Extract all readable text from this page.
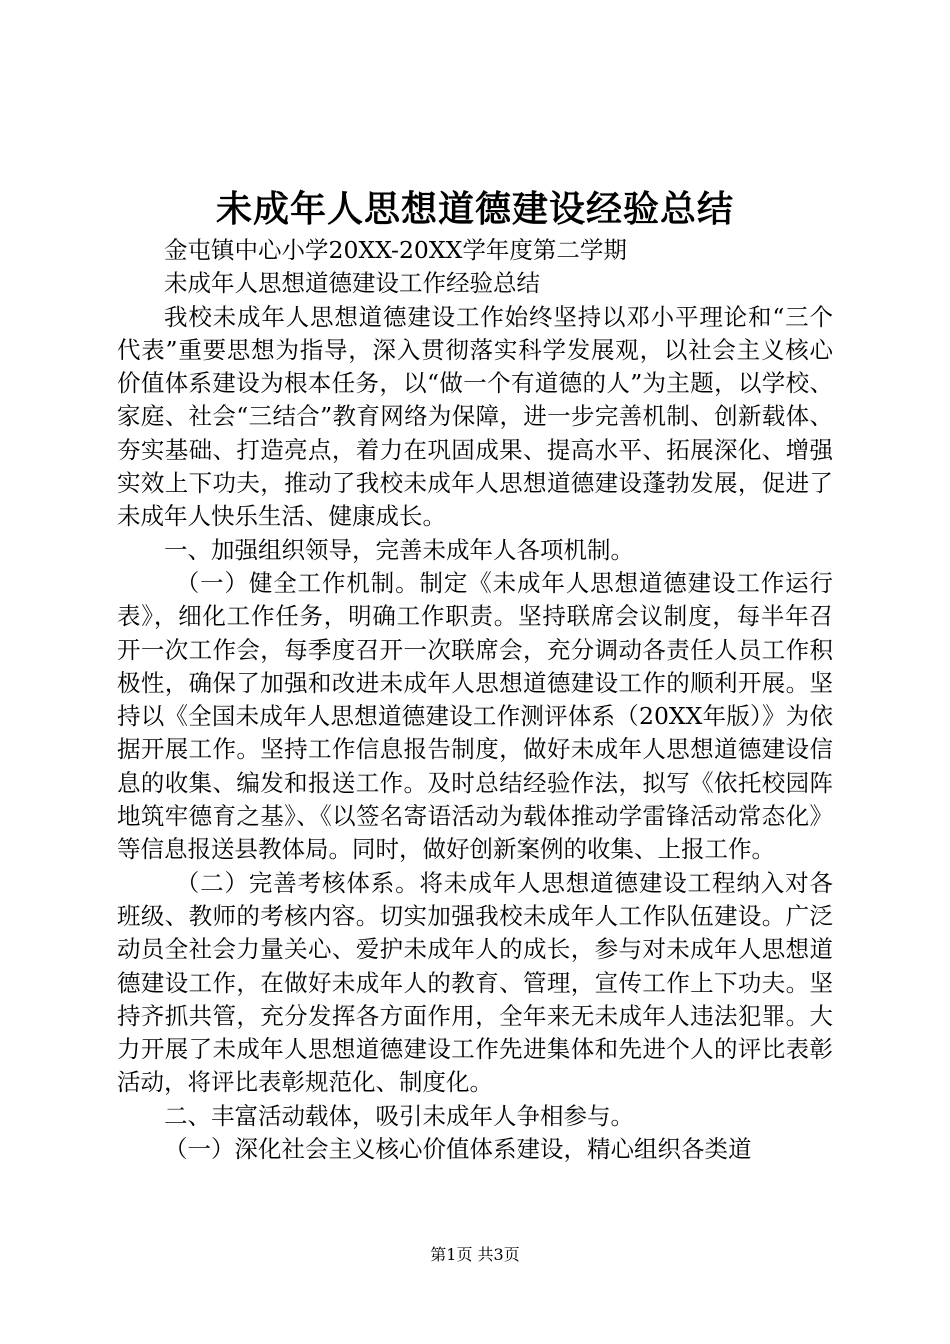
未成年人思想道德建设经验总结

金屯镇中心小学20XX-20XX学年度第二学期

未成年人思想道德建设工作经验总结

我校未成年人思想道德建设工作始终坚持以邓小平理论和“三个代表”重要思想为指导，深入贯彻落实科学发展观，以社会主义核心价值体系建设为根本任务，以“做一个有道德的人”为主题，以学校、家庭、社会“三结合”教育网络为保障，进一步完善机制、创新载体、夯实基础、打造亮点，着力在巩固成果、提高水平、拓展深化、增强实效上下功夫，推动了我校未成年人思想道德建设蓬勃发展，促进了未成年人快乐生活、健康成长。

一、加强组织领导，完善未成年人各项机制。

（一）健全工作机制。制定《未成年人思想道德建设工作运行表》，细化工作任务，明确工作职责。坚持联席会议制度，每半年召开一次工作会，每季度召开一次联席会，充分调动各责任人员工作积极性，确保了加强和改进未成年人思想道德建设工作的顺利开展。坚持以《全国未成年人思想道德建设工作测评体系（20XX年版）》为依据开展工作。坚持工作信息报告制度，做好未成年人思想道德建设信息的收集、编发和报送工作。及时总结经验作法，拟写《依托校园阵地筑牢德育之基》、《以签名寄语活动为载体推动学雷锋活动常态化》等信息报送县教体局。同时，做好创新案例的收集、上报工作。

（二）完善考核体系。将未成年人思想道德建设工程纳入对各班级、教师的考核内容。切实加强我校未成年人工作队伍建设。广泛动员全社会力量关心、爱护未成年人的成长，参与对未成年人思想道德建设工作，在做好未成年人的教育、管理，宣传工作上下功夫。坚持齐抓共管，充分发挥各方面作用，全年来无未成年人违法犯罪。大力开展了未成年人思想道德建设工作先进集体和先进个人的评比表彰活动，将评比表彰规范化、制度化。

二、丰富活动载体，吸引未成年人争相参与。

（一）深化社会主义核心价值体系建设，精心组织各类道

第1页 共3页
